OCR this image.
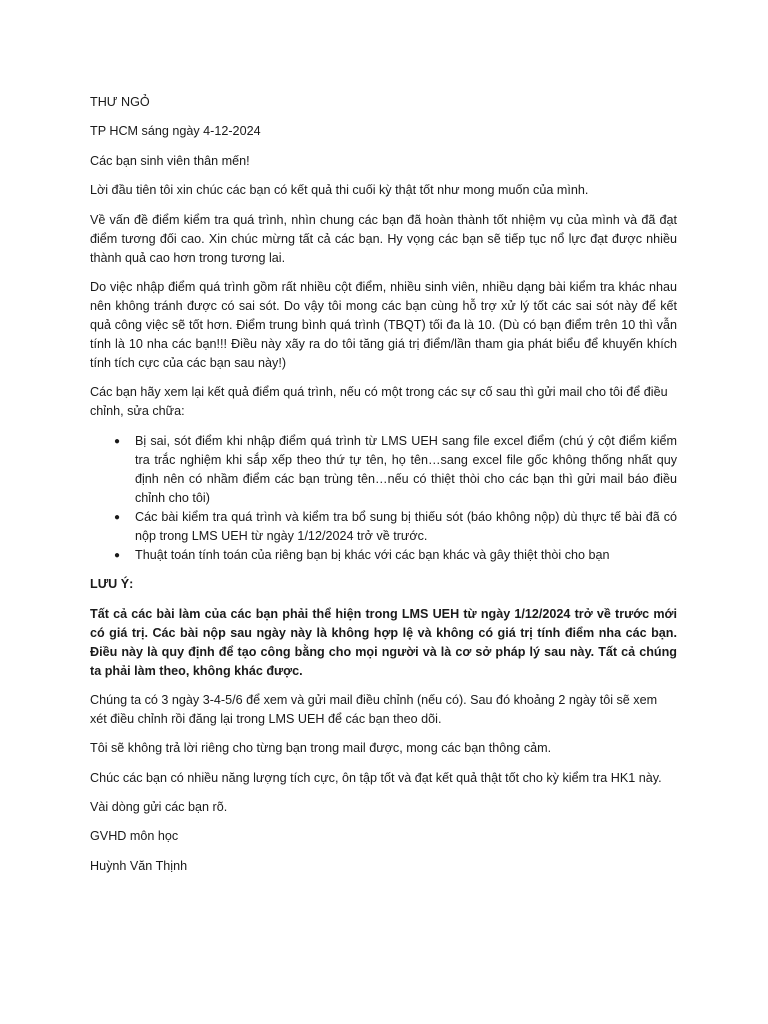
THƯ NGỎ

TP HCM sáng ngày 4-12-2024

Các bạn sinh viên thân mến!

Lời đầu tiên tôi xin chúc các bạn có kết quả thi cuối kỳ thật tốt như mong muốn của mình.

Về vấn đề điểm kiểm tra quá trình, nhìn chung các bạn đã hoàn thành tốt nhiệm vụ của mình và đã đạt điểm tương đối cao. Xin chúc mừng tất cả các bạn. Hy vọng các bạn sẽ tiếp tục nổ lực đạt được nhiều thành quả cao hơn trong tương lai.

Do việc nhập điểm quá trình gồm rất nhiều cột điểm, nhiều sinh viên, nhiều dạng bài kiểm tra khác nhau nên không tránh được có sai sót. Do vậy tôi mong các bạn cùng hỗ trợ xử lý tốt các sai sót này để kết quả công việc sẽ tốt hơn. Điểm trung bình quá trình (TBQT) tối đa là 10. (Dù có bạn điểm trên 10 thì vẫn tính là 10 nha các bạn!!! Điều này xãy ra do tôi tăng giá trị điểm/lần tham gia phát biểu để khuyến khích tính tích cực của các bạn sau này!)

Các bạn hãy xem lại kết quả điểm quá trình, nếu có một trong các sự cố sau thì gửi mail cho tôi để điều chỉnh, sửa chữa:

● Bị sai, sót điểm khi nhập điểm quá trình từ LMS UEH sang file excel điểm (chú ý cột điểm kiểm tra trắc nghiệm khi sắp xếp theo thứ tự tên, họ tên…sang excel file gốc không thống nhất quy định nên có nhầm điểm các bạn trùng tên…nếu có thiệt thòi cho các bạn thì gửi mail báo điều chỉnh cho tôi)
● Các bài kiểm tra quá trình và kiểm tra bổ sung bị thiếu sót (báo không nộp) dù thực tế bài đã có nộp trong LMS UEH từ ngày 1/12/2024 trở về trước.
● Thuật toán tính toán của riêng bạn bị khác với các bạn khác và gây thiệt thòi cho bạn

LƯU Ý:

Tất cả các bài làm của các bạn phải thể hiện trong LMS UEH từ ngày 1/12/2024 trở về trước mới có giá trị. Các bài nộp sau ngày này là không hợp lệ và không có giá trị tính điểm nha các bạn. Điều này là quy định để tạo công bằng cho mọi người và là cơ sở pháp lý sau này. Tất cả chúng ta phải làm theo, không khác được.

Chúng ta có 3 ngày 3-4-5/6 để xem và gửi mail điều chỉnh (nếu có). Sau đó khoảng 2 ngày tôi sẽ xem xét điều chỉnh rồi đăng lại trong LMS UEH để các bạn theo dõi.

Tôi sẽ không trả lời riêng cho từng bạn trong mail được, mong các bạn thông cảm.

Chúc các bạn có nhiều năng lượng tích cực, ôn tập tốt và đạt kết quả thật tốt cho kỳ kiểm tra HK1 này.

Vài dòng gửi các bạn rõ.

GVHD môn học

Huỳnh Văn Thịnh
